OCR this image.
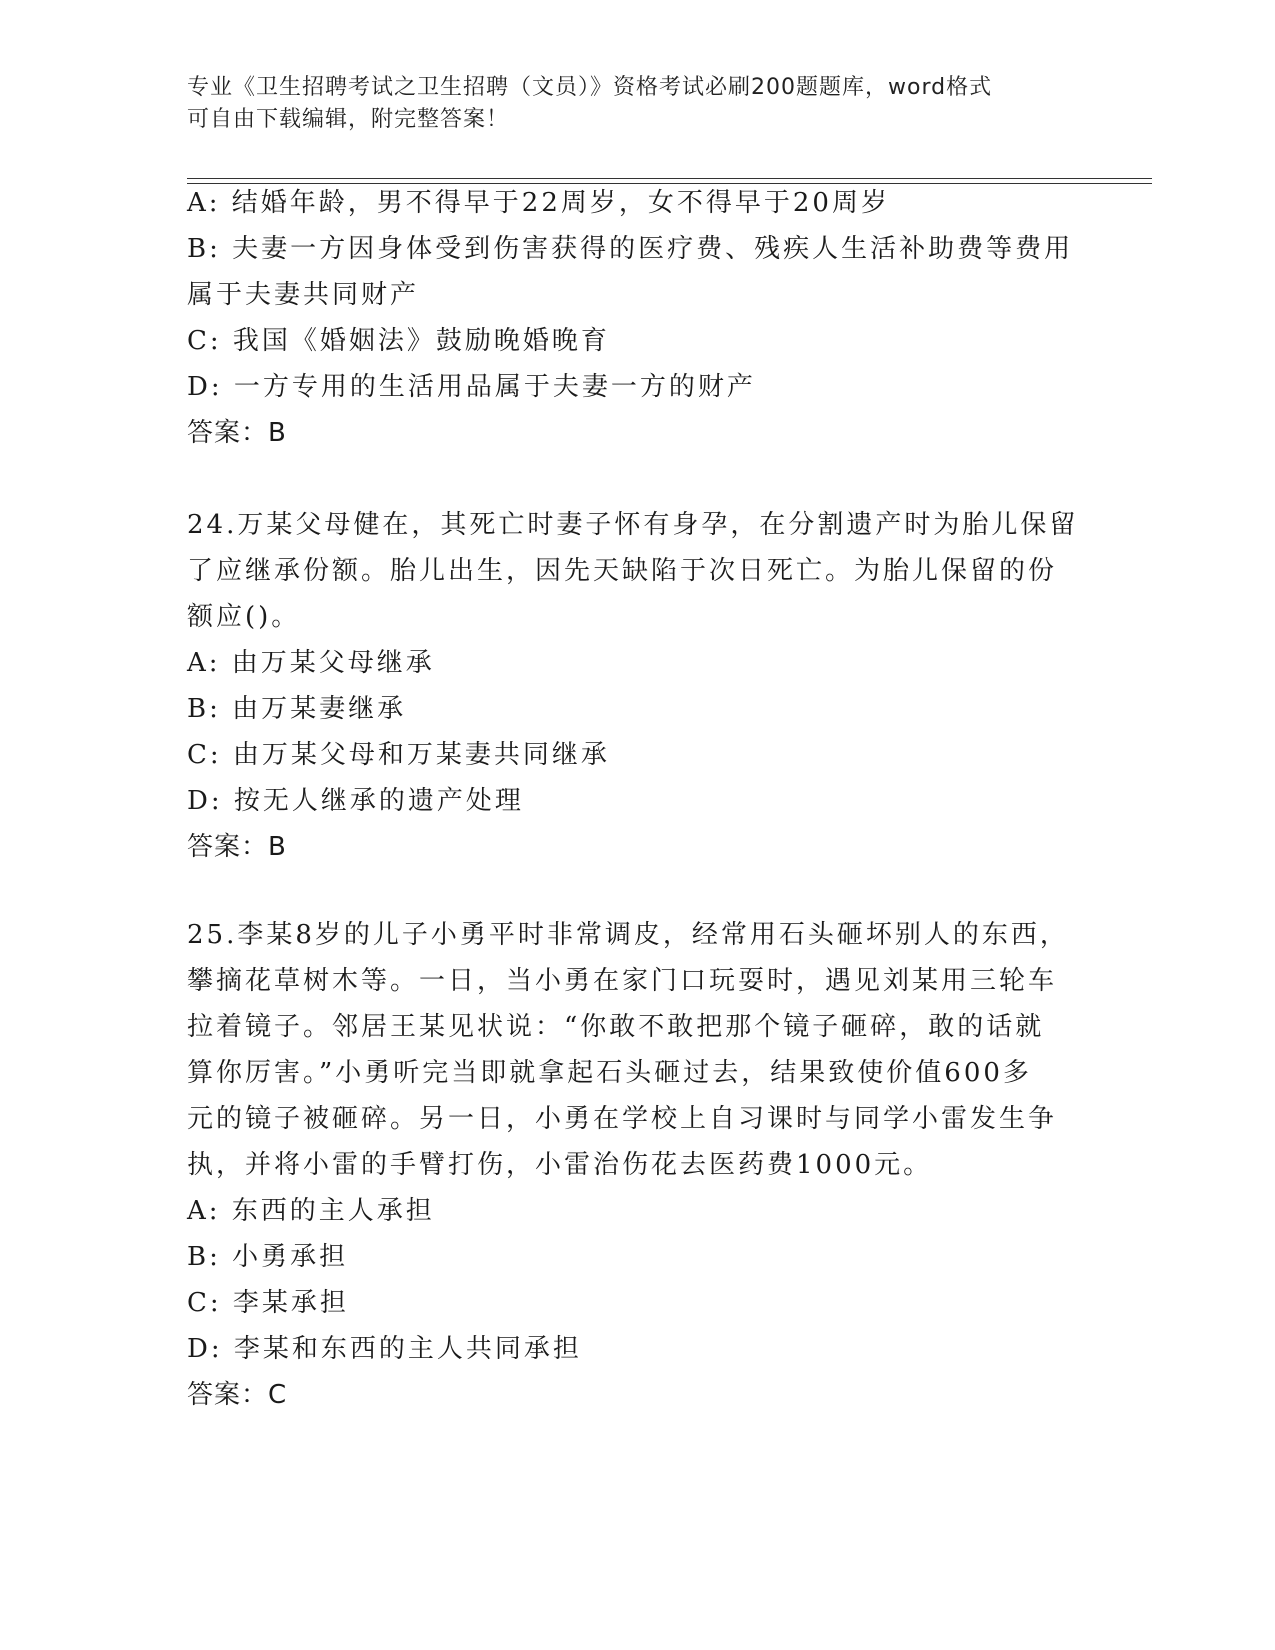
专业《卫生招聘考试之卫生招聘（文员）》资格考试必刷200题题库，word格式
可自由下载编辑，附完整答案！
A: 结婚年龄，男不得早于22周岁，女不得早于20周岁
B: 夫妻一方因身体受到伤害获得的医疗费、残疾人生活补助费等费用
属于夫妻共同财产
C: 我国《婚姻法》鼓励晚婚晚育
D: 一方专用的生活用品属于夫妻一方的财产
答案：B
24.万某父母健在，其死亡时妻子怀有身孕，在分割遗产时为胎儿保留
了应继承份额。胎儿出生，因先天缺陷于次日死亡。为胎儿保留的份
额应()。
A: 由万某父母继承
B: 由万某妻继承
C: 由万某父母和万某妻共同继承
D: 按无人继承的遗产处理
答案：B
25.李某8岁的儿子小勇平时非常调皮，经常用石头砸坏别人的东西，
攀摘花草树木等。一日，当小勇在家门口玩耍时，遇见刘某用三轮车
拉着镜子。邻居王某见状说：“你敢不敢把那个镜子砸碎，敢的话就
算你厉害。”小勇听完当即就拿起石头砸过去，结果致使价值600多
元的镜子被砸碎。另一日，小勇在学校上自习课时与同学小雷发生争
执，并将小雷的手臂打伤，小雷治伤花去医药费1000元。
A: 东西的主人承担
B: 小勇承担
C: 李某承担
D: 李某和东西的主人共同承担
答案：C
